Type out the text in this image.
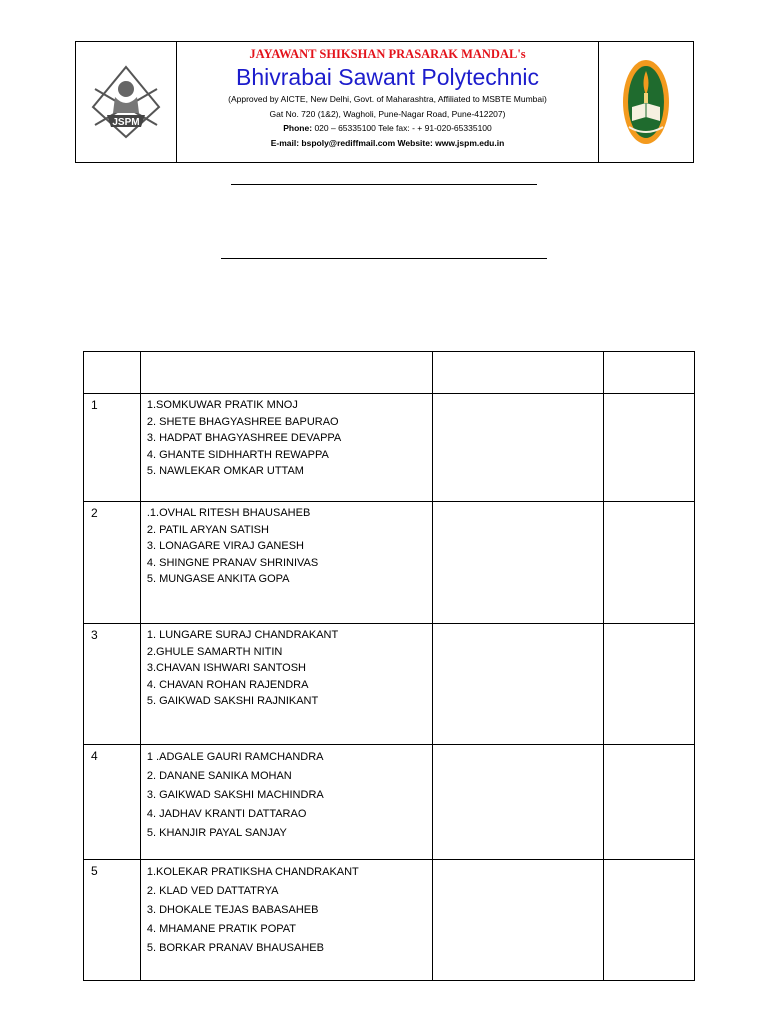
JSPM
JAYAWANT SHIKSHAN PRASARAK MANDAL's
Bhivrabai Sawant Polytechnic
(Approved by AICTE, New Delhi, Govt. of Maharashtra, Affiliated to MSBTE Mumbai)
Gat No. 720 (1&2), Wagholi, Pune-Nagar Road, Pune-412207)
Phone: 020 – 65335100 Tele fax: - + 91-020-65335100
E-mail: bspoly@rediffmail.com Website: www.jspm.edu.in

1	1.SOMKUWAR PRATIK MNOJ
2. SHETE BHAGYASHREE BAPURAO
3. HADPAT BHAGYASHREE DEVAPPA
4. GHANTE SIDHHARTH REWAPPA
5. NAWLEKAR OMKAR UTTAM		

2	.1.OVHAL RITESH BHAUSAHEB
2. PATIL ARYAN SATISH
3. LONAGARE VIRAJ GANESH
4. SHINGNE PRANAV SHRINIVAS
5. MUNGASE ANKITA GOPA		

3	1. LUNGARE SURAJ CHANDRAKANT
2.GHULE SAMARTH NITIN
3.CHAVAN ISHWARI SANTOSH
4. CHAVAN ROHAN RAJENDRA
5. GAIKWAD SAKSHI RAJNIKANT		

4	1 .ADGALE GAURI RAMCHANDRA
2. DANANE SANIKA MOHAN
3. GAIKWAD SAKSHI MACHINDRA
4. JADHAV KRANTI DATTARAO
5. KHANJIR PAYAL SANJAY		

5	1.KOLEKAR PRATIKSHA CHANDRAKANT
2. KLAD VED DATTATRYA
3. DHOKALE TEJAS BABASAHEB
4. MHAMANE PRATIK POPAT
5. BORKAR PRANAV BHAUSAHEB		
